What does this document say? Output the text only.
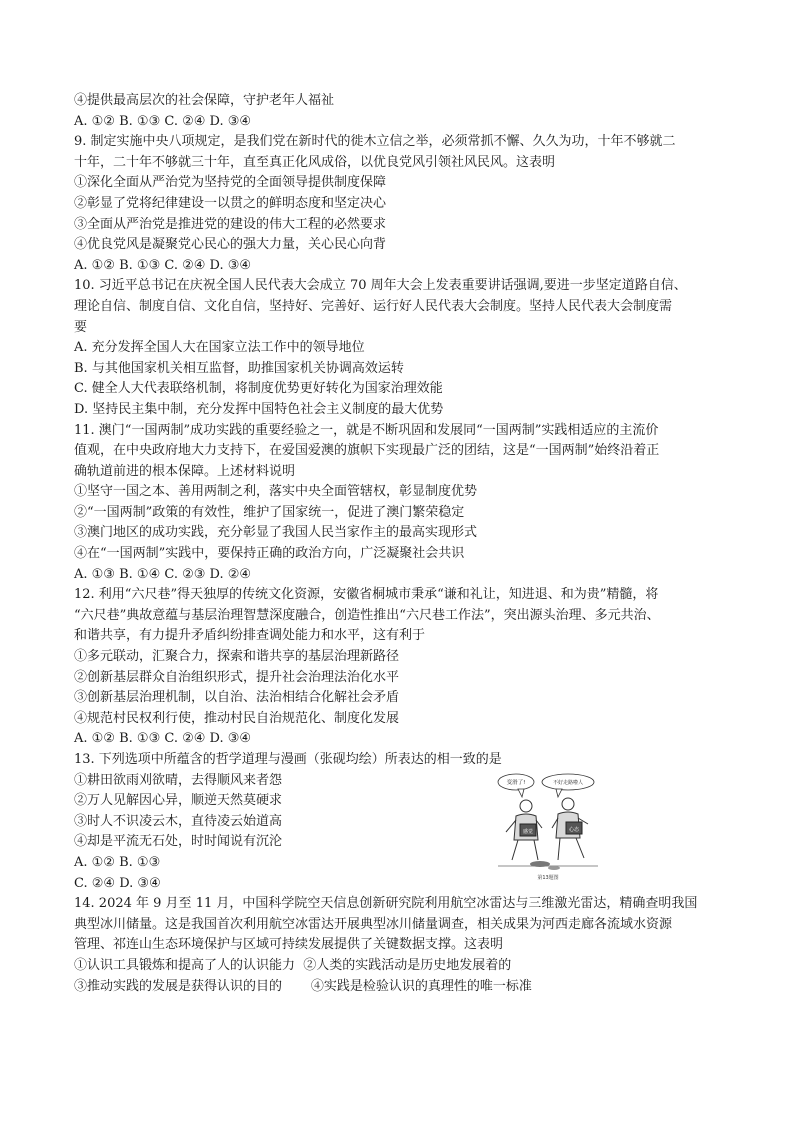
④提供最高层次的社会保障，守护老年人福祉

A. ①② B. ①③ C. ②④ D. ③④

9. 制定实施中央八项规定，是我们党在新时代的徙木立信之举，必须常抓不懈、久久为功，十年不够就二

十年，二十年不够就三十年，直至真正化风成俗，以优良党风引领社风民风。这表明

①深化全面从严治党为坚持党的全面领导提供制度保障

②彰显了党将纪律建设一以贯之的鲜明态度和坚定决心

③全面从严治党是推进党的建设的伟大工程的必然要求

④优良党风是凝聚党心民心的强大力量，关心民心向背

A. ①② B. ①③ C. ②④ D. ③④

10. 习近平总书记在庆祝全国人民代表大会成立 70 周年大会上发表重要讲话强调,要进一步坚定道路自信、

理论自信、制度自信、文化自信，坚持好、完善好、运行好人民代表大会制度。坚持人民代表大会制度需

要

A. 充分发挥全国人大在国家立法工作中的领导地位

B. 与其他国家机关相互监督，助推国家机关协调高效运转

C. 健全人大代表联络机制，将制度优势更好转化为国家治理效能

D. 坚持民主集中制，充分发挥中国特色社会主义制度的最大优势

11. 澳门“一国两制”成功实践的重要经验之一，就是不断巩固和发展同“一国两制”实践相适应的主流价

值观，在中央政府地大力支持下，在爱国爱澳的旗帜下实现最广泛的团结，这是“一国两制”始终沿着正

确轨道前进的根本保障。上述材料说明

①坚守一国之本、善用两制之利，落实中央全面管辖权，彰显制度优势

②“一国两制”政策的有效性，维护了国家统一，促进了澳门繁荣稳定

③澳门地区的成功实践，充分彰显了我国人民当家作主的最高实现形式

④在“一国两制”实践中，要保持正确的政治方向，广泛凝聚社会共识

A. ①③ B. ①④ C. ②③ D. ②④

12. 利用“六尺巷”得天独厚的传统文化资源，安徽省桐城市秉承“谦和礼让，知进退、和为贵”精髓，将

“六尺巷”典故意蕴与基层治理智慧深度融合，创造性推出“六尺巷工作法”，突出源头治理、多元共治、

和谐共享，有力提升矛盾纠纷排查调处能力和水平，这有利于

①多元联动，汇聚合力，探索和谐共享的基层治理新路径

②创新基层群众自治组织形式，提升社会治理法治化水平

③创新基层治理机制，以自治、法治相结合化解社会矛盾

④规范村民权利行使，推动村民自治规范化、制度化发展

A. ①② B. ①③ C. ②④ D. ③④

13. 下列选项中所蕴含的哲学道理与漫画（张砚均绘）所表达的相一致的是

①耕田欲雨刈欲晴，去得顺风来者怨

②万人见解因心异，顺逆天然莫硬求

③时人不识凌云木，直待凌云始道高

④却是平流无石处，时时闻说有沉沦

A. ①② B. ①③

C. ②④ D. ③④

变滑了!	不好走路啦人
感觉	心态
第13题图

14. 2024 年 9 月至 11 月，中国科学院空天信息创新研究院利用航空冰雷达与三维激光雷达，精确查明我国

典型冰川储量。这是我国首次利用航空冰雷达开展典型冰川储量调查，相关成果为河西走廊各流域水资源

管理、祁连山生态环境保护与区域可持续发展提供了关键数据支撑。这表明

①认识工具锻炼和提高了人的认识能力  ②人类的实践活动是历史地发展着的

③推动实践的发展是获得认识的目的       ④实践是检验认识的真理性的唯一标准
